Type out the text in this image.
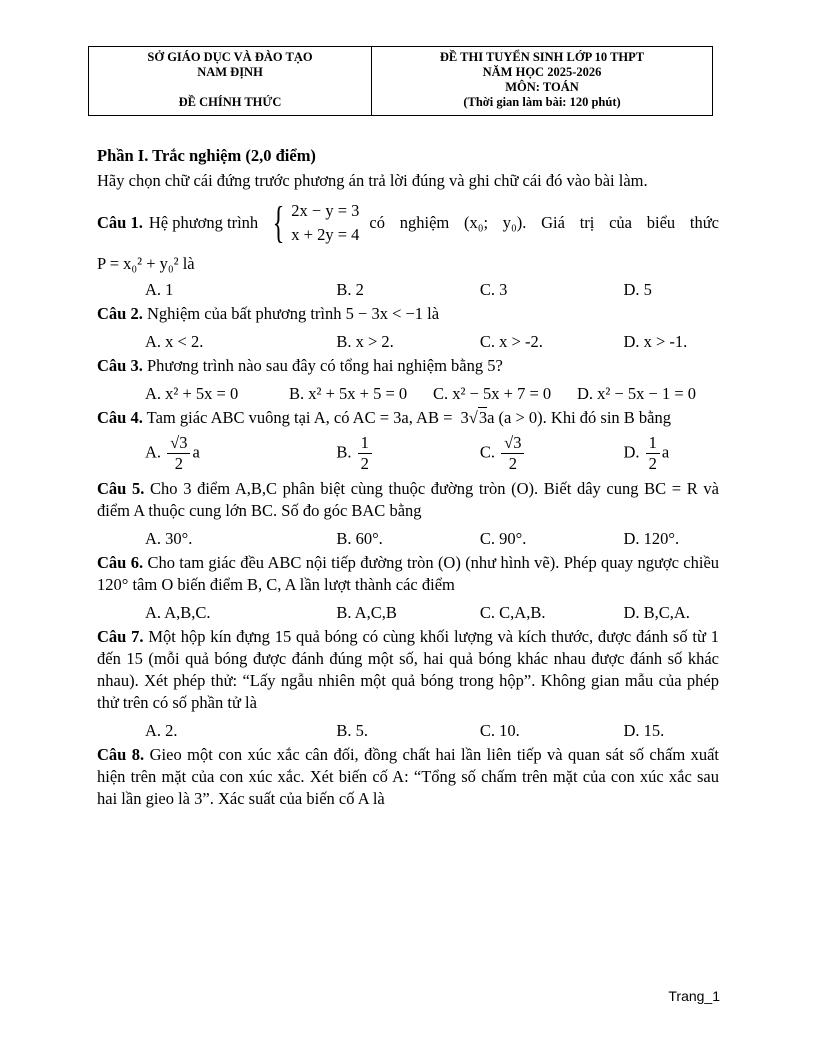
SỞ GIÁO DỤC VÀ ĐÀO TẠO
NAM ĐỊNH
ĐỀ CHÍNH THỨC
ĐỀ THI TUYỂN SINH LỚP 10 THPT
NĂM HỌC 2025-2026
MÔN: TOÁN
(Thời gian làm bài: 120 phút)

Phần I. Trắc nghiệm (2,0 điểm)

Hãy chọn chữ cái đứng trước phương án trả lời đúng và ghi chữ cái đó vào bài làm.

Câu 1. Hệ phương trình { 2x − y = 3
x + 2y = 4
có nghiệm (x₀; y₀). Giá trị của biểu thức

P = x₀² + y₀² là

A. 1	B. 2	C. 3	D. 5

Câu 2. Nghiệm của bất phương trình 5 − 3x < −1 là

A. x < 2.	B. x > 2.	C. x > -2.	D. x > -1.

Câu 3. Phương trình nào sau đây có tổng hai nghiệm bằng 5?

A. x² + 5x = 0	B. x² + 5x + 5 = 0	C. x² − 5x + 7 = 0	D. x² − 5x − 1 = 0

Câu 4. Tam giác ABC vuông tại A, có AC = 3a, AB = 3√3a (a > 0). Khi đó sin B bằng

A. $\frac{√3}{2}$ a	B. $\frac{1}{2}$	C. $\frac{√3}{2}$	D. $\frac{1}{2}$ a

Câu 5. Cho 3 điểm A,B,C phân biệt cùng thuộc đường tròn (O). Biết dây cung BC = R và điểm A thuộc cung lớn BC. Số đo góc BAC bằng

A. 30°.	B. 60°.	C. 90°.	D. 120°.

Câu 6. Cho tam giác đều ABC nội tiếp đường tròn (O) (như hình vẽ). Phép quay ngược chiều 120° tâm O biến điểm B, C, A lần lượt thành các điểm

A. A,B,C.	B. A,C,B	C. C,A,B.	D. B,C,A.

Câu 7. Một hộp kín đựng 15 quả bóng có cùng khối lượng và kích thước, được đánh số từ 1 đến 15 (mỗi quả bóng được đánh đúng một số, hai quả bóng khác nhau được đánh số khác nhau). Xét phép thử: “Lấy ngẫu nhiên một quả bóng trong hộp”. Không gian mẫu của phép thử trên có số phần tử là

A. 2.	B. 5.	C. 10.	D. 15.

Câu 8. Gieo một con xúc xắc cân đối, đồng chất hai lần liên tiếp và quan sát số chấm xuất hiện trên mặt của con xúc xắc. Xét biến cố A: “Tổng số chấm trên mặt của con xúc xắc sau hai lần gieo là 3”. Xác suất của biến cố A là

Trang_1
